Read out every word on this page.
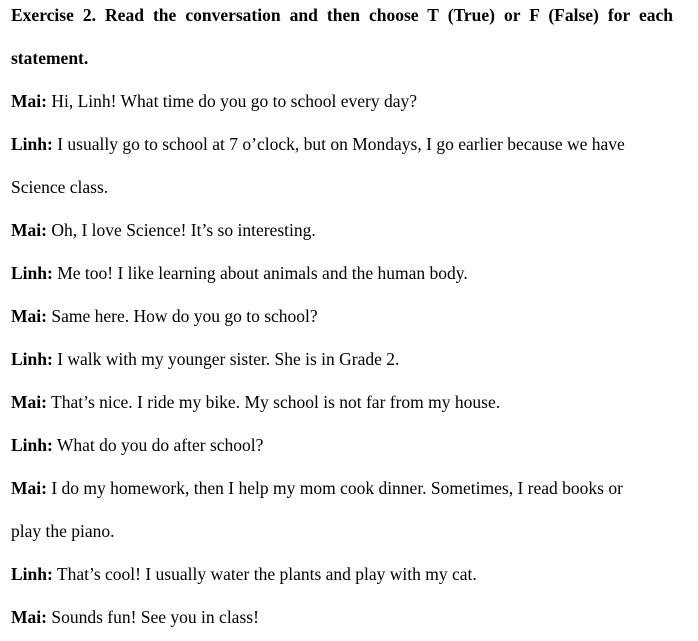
Exercise 2. Read the conversation and then choose T (True) or F (False) for each
statement.
Mai: Hi, Linh! What time do you go to school every day?
Linh: I usually go to school at 7 o’clock, but on Mondays, I go earlier because we have
Science class.
Mai: Oh, I love Science! It’s so interesting.
Linh: Me too! I like learning about animals and the human body.
Mai: Same here. How do you go to school?
Linh: I walk with my younger sister. She is in Grade 2.
Mai: That’s nice. I ride my bike. My school is not far from my house.
Linh: What do you do after school?
Mai: I do my homework, then I help my mom cook dinner. Sometimes, I read books or
play the piano.
Linh: That’s cool! I usually water the plants and play with my cat.
Mai: Sounds fun! See you in class!
